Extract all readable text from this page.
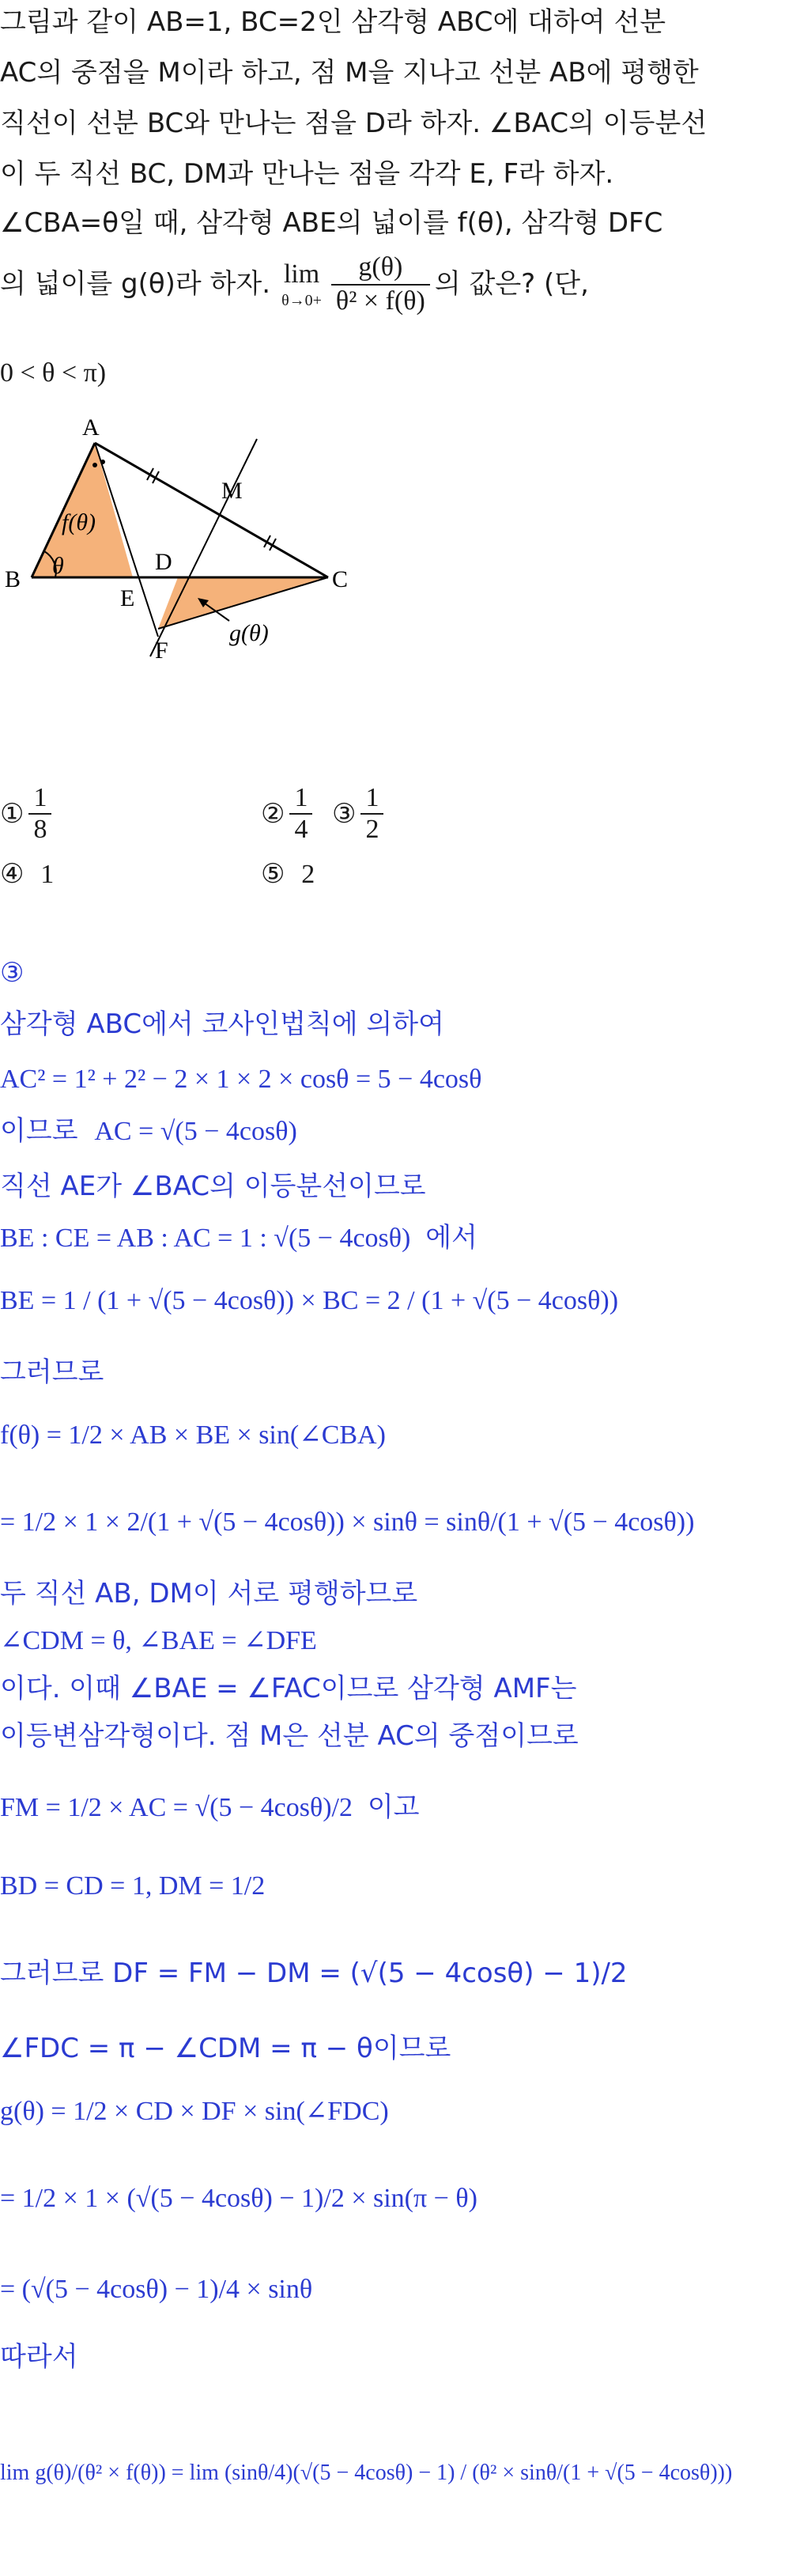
그림과 같이 AB=1, BC=2인 삼각형 ABC에 대하여 선분
AC의 중점을 M이라 하고, 점 M을 지나고 선분 AB에 평행한
직선이 선분 BC와 만나는 점을 D라 하자. ∠BAC의 이등분선
이 두 직선 BC, DM과 만나는 점을 각각 E, F라 하자.
∠CBA=θ일 때, 삼각형 ABE의 넓이를 f(θ), 삼각형 DFC
의 넓이를 g(θ)라 하자. lim
$\theta\to 0+ \frac{g(\theta)}{\text{θ² × f(θ)}}$ 의 값은? (단,
0 < θ < π)
A
B	C
D
E
F
M
θ
f(θ)
g(θ)
① $\frac{1}{8}$	② $\frac{1}{4}$ ③ $\frac{1}{2}$
④ 1	⑤ 2
③
삼각형 ABC에서 코사인법칙에 의하여
AC² = 1² + 2² − 2 × 1 × 2 × cosθ = 5 − 4cosθ
이므로 AC = √(5 − 4cosθ)
직선 AE가 ∠BAC의 이등분선이므로
BE : CE = AB : AC = 1 : √(5 − 4cosθ) 에서
BE = 1 / (1 + √(5 − 4cosθ)) × BC = 2 / (1 + √(5 − 4cosθ))
그러므로
f(θ) = 1/2 × AB × BE × sin(∠CBA)
= 1/2 × 1 × 2/(1 + √(5 − 4cosθ)) × sinθ = sinθ/(1 + √(5 − 4cosθ))
두 직선 AB, DM이 서로 평행하므로
∠CDM = θ, ∠BAE = ∠DFE
이다. 이때 ∠BAE = ∠FAC이므로 삼각형 AMF는
이등변삼각형이다. 점 M은 선분 AC의 중점이므로
FM = 1/2 × AC = √(5 − 4cosθ)/2 이고
BD = CD = 1, DM = 1/2
그러므로 DF = FM − DM = (√(5 − 4cosθ) − 1)/2
∠FDC = π − ∠CDM = π − θ이므로
g(θ) = 1/2 × CD × DF × sin(∠FDC)
= 1/2 × 1 × (√(5 − 4cosθ) − 1)/2 × sin(π − θ)
= (√(5 − 4cosθ) − 1)/4 × sinθ
따라서
lim g(θ)/(θ² × f(θ)) = lim (sinθ/4)(√(5 − 4cosθ) − 1) / (θ² × sinθ/(1 + √(5 − 4cosθ)))
